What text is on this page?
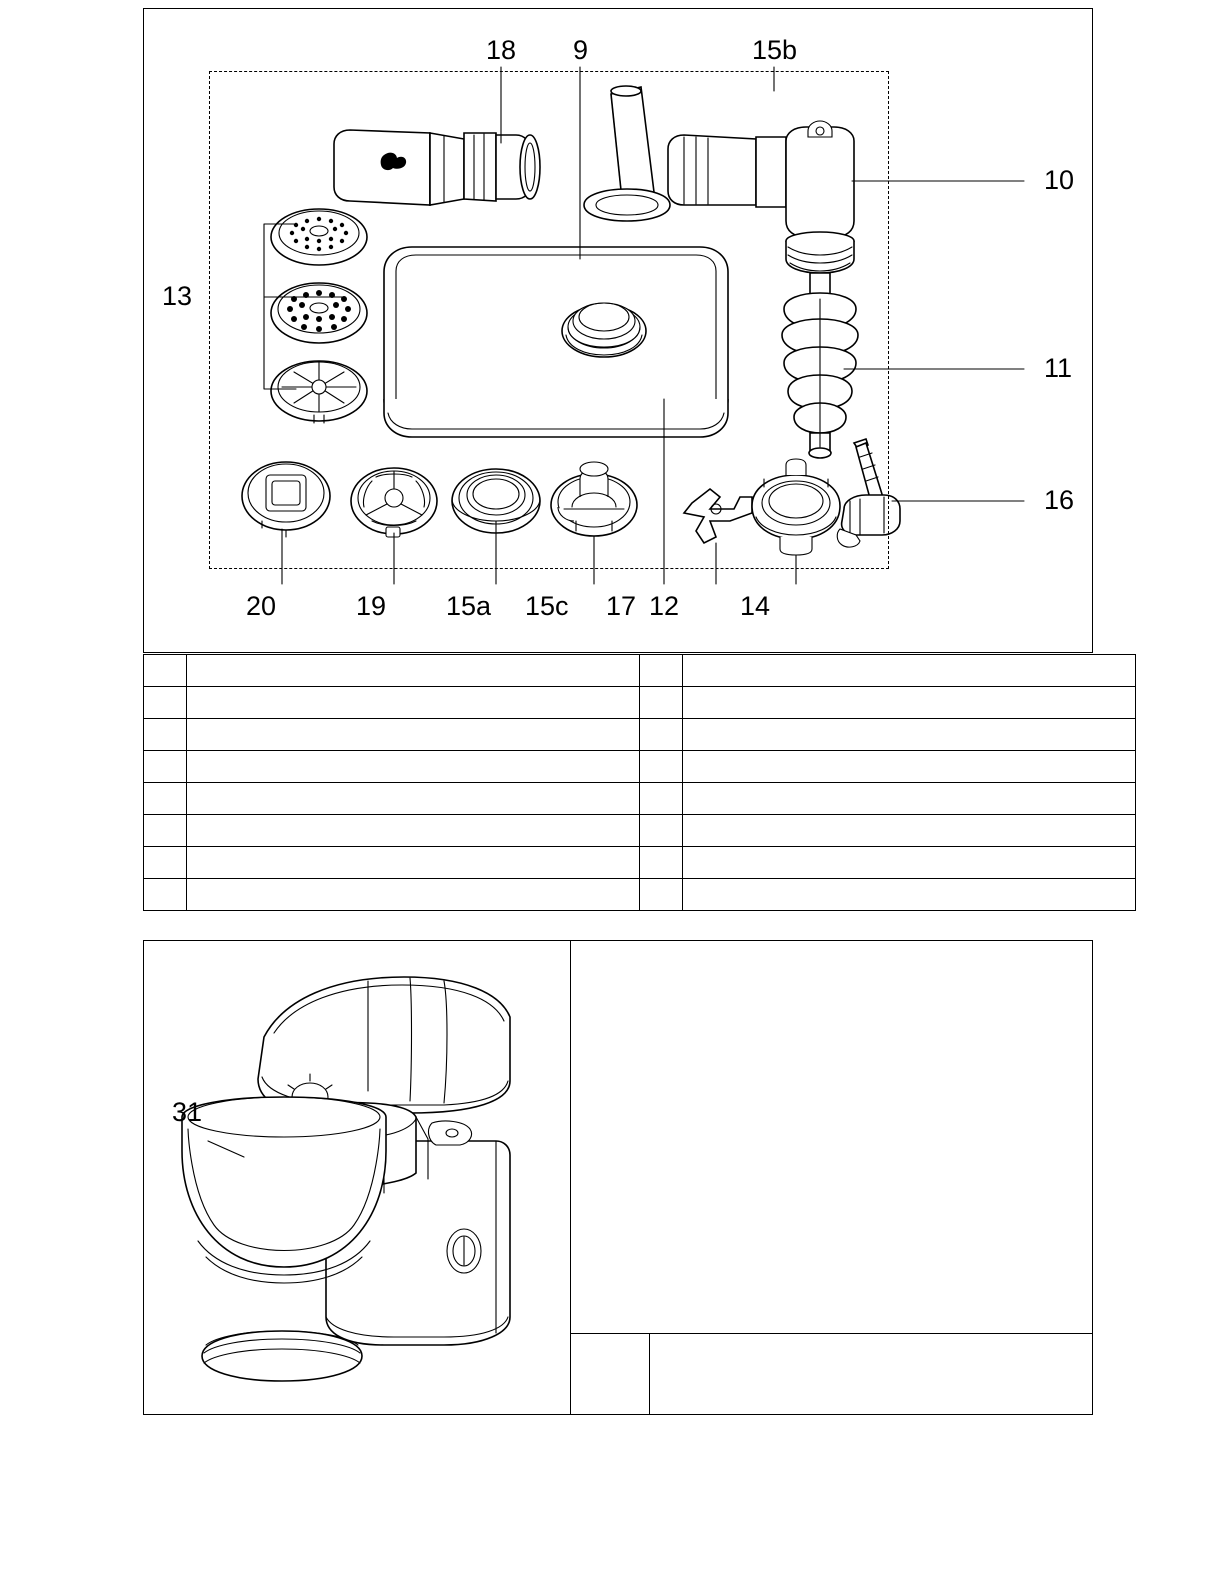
18 9	15b
10
13
11
16
20	19 15a 15c 17 12 14

31
